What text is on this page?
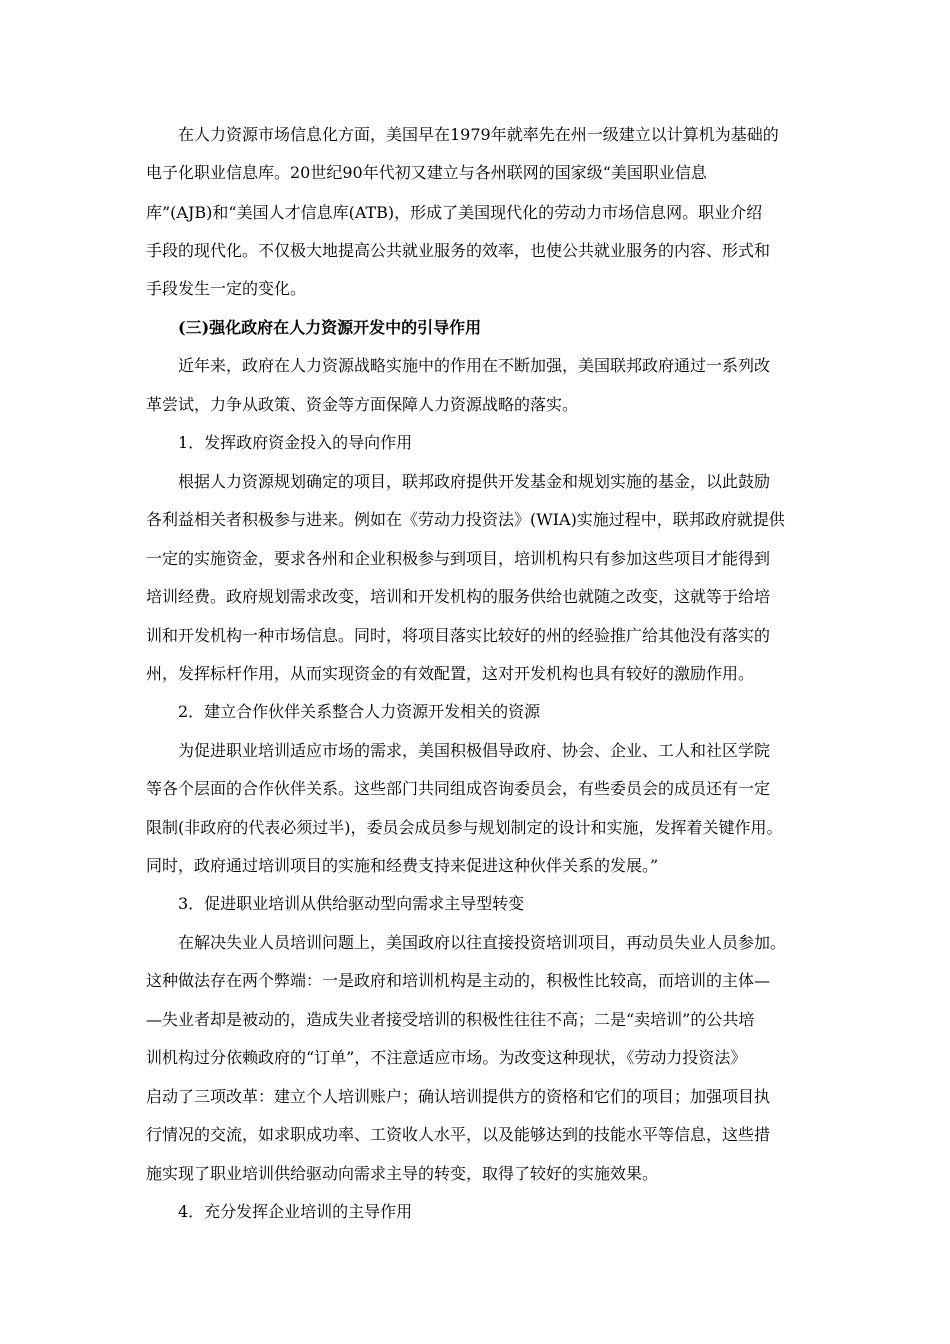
在人力资源市场信息化方面，美国早在1979年就率先在州一级建立以计算机为基础的
电子化职业信息库。20世纪90年代初又建立与各州联网的国家级“美国职业信息
库”(AJB)和“美国人才信息库(ATB)，形成了美国现代化的劳动力市场信息网。职业介绍
手段的现代化。不仅极大地提高公共就业服务的效率，也使公共就业服务的内容、形式和
手段发生一定的变化。
(三)强化政府在人力资源开发中的引导作用
近年来，政府在人力资源战略实施中的作用在不断加强，美国联邦政府通过一系列改
革尝试，力争从政策、资金等方面保障人力资源战略的落实。
1．发挥政府资金投入的导向作用
根据人力资源规划确定的项目，联邦政府提供开发基金和规划实施的基金，以此鼓励
各利益相关者积极参与进来。例如在《劳动力投资法》(WIA)实施过程中，联邦政府就提供
一定的实施资金，要求各州和企业积极参与到项目，培训机构只有参加这些项目才能得到
培训经费。政府规划需求改变，培训和开发机构的服务供给也就随之改变，这就等于给培
训和开发机构一种市场信息。同时，将项目落实比较好的州的经验推广给其他没有落实的
州，发挥标杆作用，从而实现资金的有效配置，这对开发机构也具有较好的激励作用。
2．建立合作伙伴关系整合人力资源开发相关的资源
为促进职业培训适应市场的需求，美国积极倡导政府、协会、企业、工人和社区学院
等各个层面的合作伙伴关系。这些部门共同组成咨询委员会，有些委员会的成员还有一定
限制(非政府的代表必须过半)，委员会成员参与规划制定的设计和实施，发挥着关键作用。
同时，政府通过培训项目的实施和经费支持来促进这种伙伴关系的发展。”
3．促进职业培训从供给驱动型向需求主导型转变
在解决失业人员培训问题上，美国政府以往直接投资培训项目，再动员失业人员参加。
这种做法存在两个弊端：一是政府和培训机构是主动的，积极性比较高，而培训的主体—
—失业者却是被动的，造成失业者接受培训的积极性往往不高；二是“卖培训”的公共培
训机构过分依赖政府的“订单”，不注意适应市场。为改变这种现状，《劳动力投资法》
启动了三项改革：建立个人培训账户；确认培训提供方的资格和它们的项目；加强项目执
行情况的交流，如求职成功率、工资收人水平，以及能够达到的技能水平等信息，这些措
施实现了职业培训供给驱动向需求主导的转变，取得了较好的实施效果。
4．充分发挥企业培训的主导作用
